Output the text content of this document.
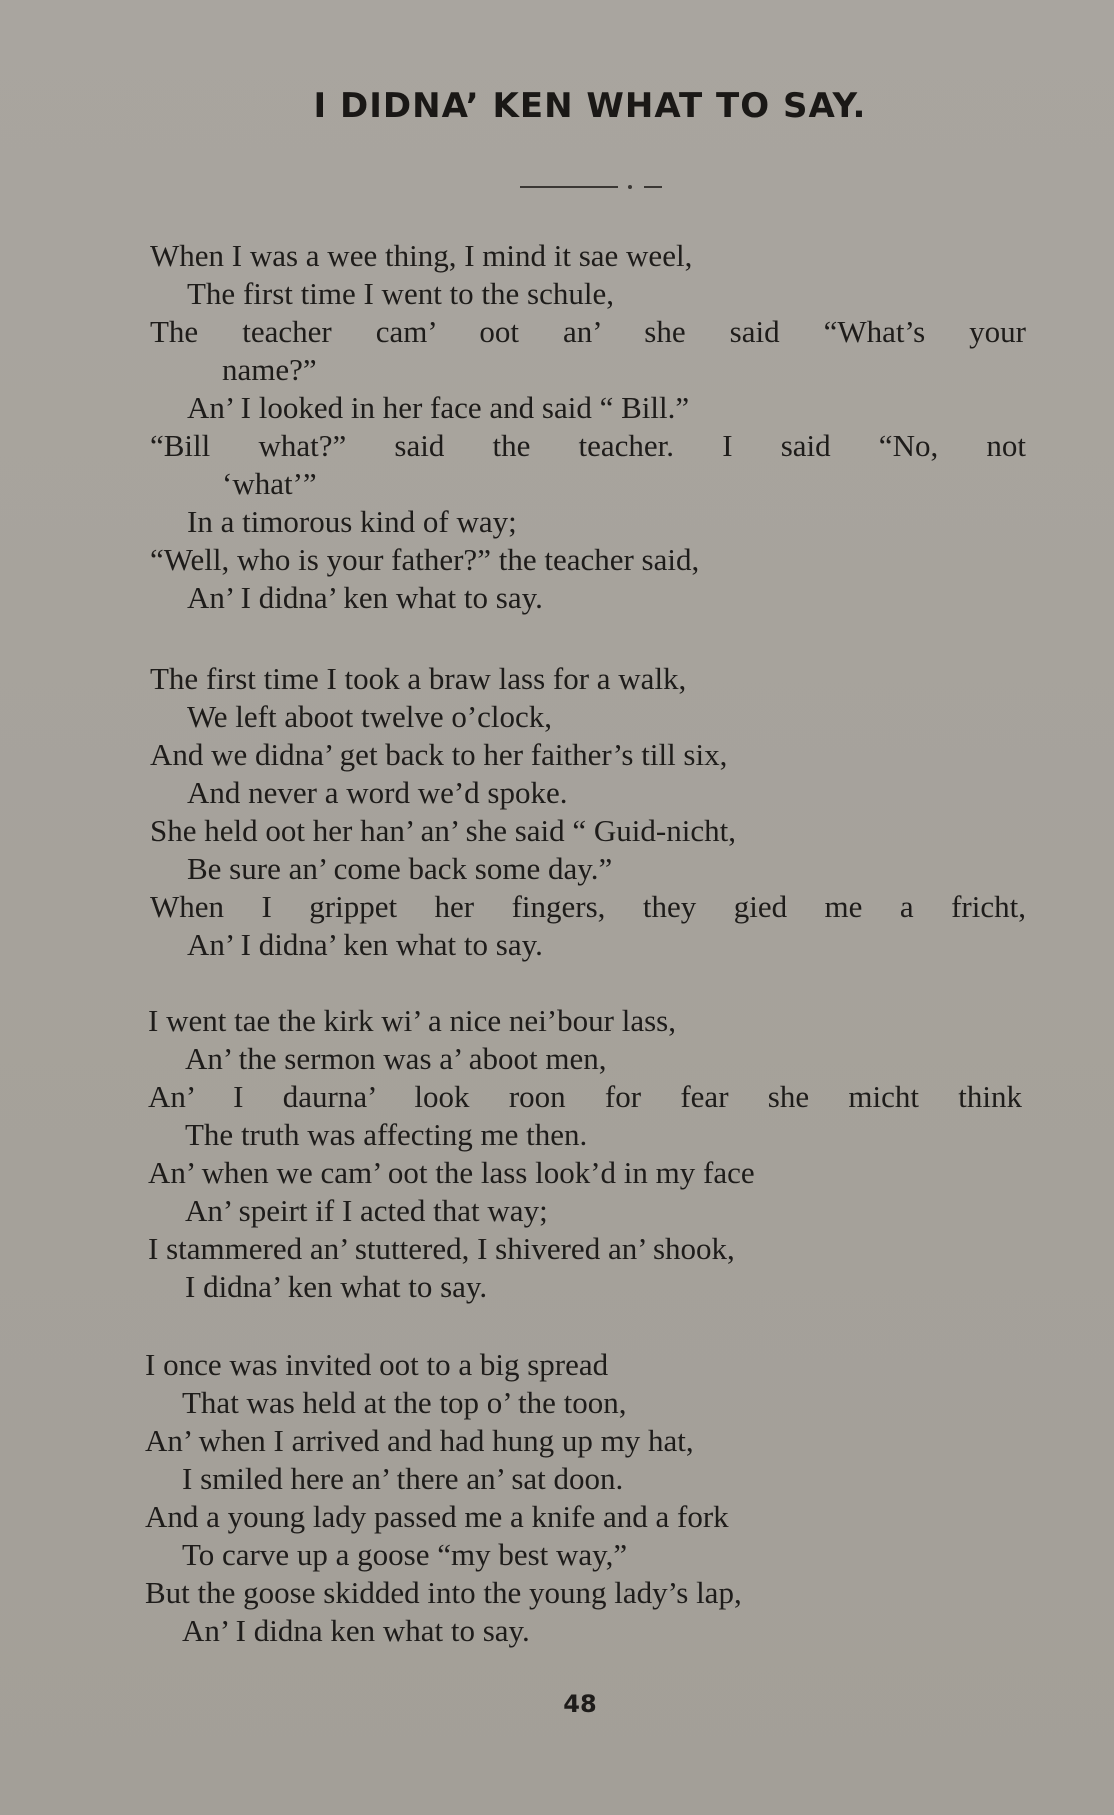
I DIDNA’ KEN WHAT TO SAY.
When I was a wee thing, I mind it sae weel,
The first time I went to the schule,
The teacher cam’ oot an’ she said “What’s your
name?”
An’ I looked in her face and said “ Bill.”
“Bill what?” said the teacher. I said “No, not
‘what’”
In a timorous kind of way;
“Well, who is your father?” the teacher said,
An’ I didna’ ken what to say.
The first time I took a braw lass for a walk,
We left aboot twelve o’clock,
And we didna’ get back to her faither’s till six,
And never a word we’d spoke.
She held oot her han’ an’ she said “ Guid-nicht,
Be sure an’ come back some day.”
When I grippet her fingers, they gied me a fricht,
An’ I didna’ ken what to say.
I went tae the kirk wi’ a nice nei’bour lass,
An’ the sermon was a’ aboot men,
An’ I daurna’ look roon for fear she micht think
The truth was affecting me then.
An’ when we cam’ oot the lass look’d in my face
An’ speirt if I acted that way;
I stammered an’ stuttered, I shivered an’ shook,
I didna’ ken what to say.
I once was invited oot to a big spread
That was held at the top o’ the toon,
An’ when I arrived and had hung up my hat,
I smiled here an’ there an’ sat doon.
And a young lady passed me a knife and a fork
To carve up a goose “my best way,”
But the goose skidded into the young lady’s lap,
An’ I didna ken what to say.
48
